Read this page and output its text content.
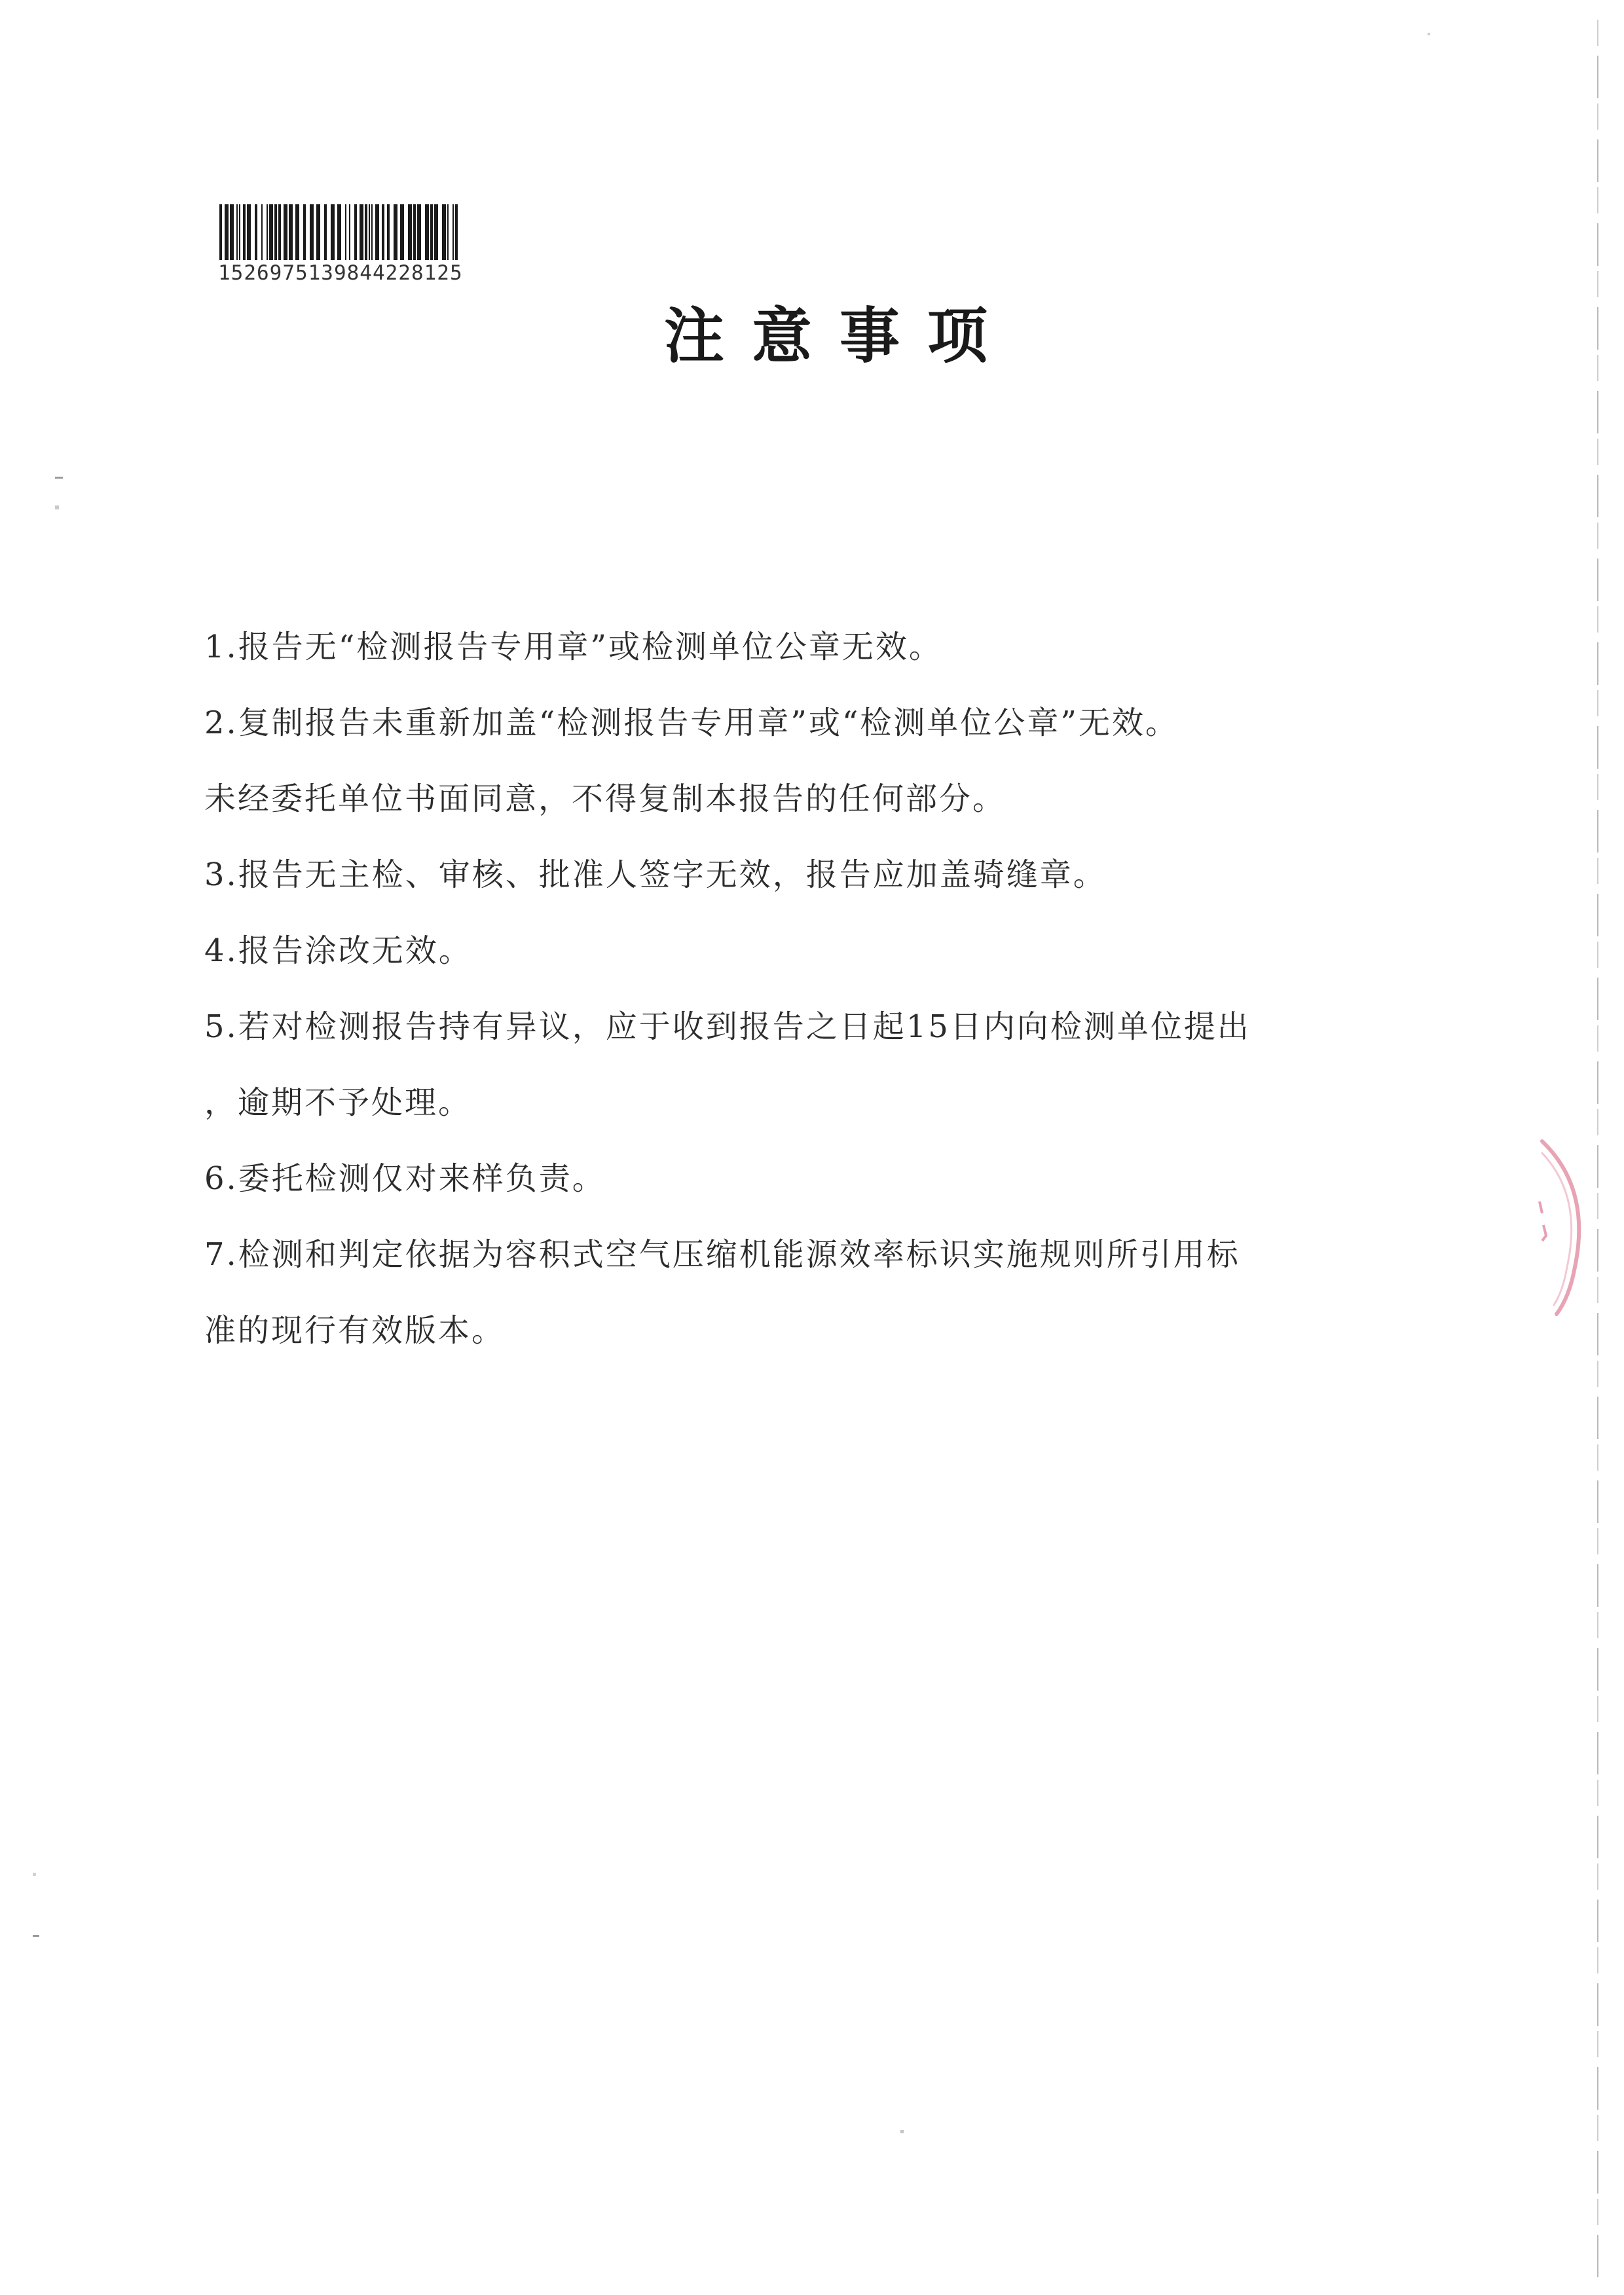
1526975139844228125
注意事项
1.报告无“检测报告专用章”或检测单位公章无效。
2.复制报告未重新加盖“检测报告专用章”或“检测单位公章”无效。
未经委托单位书面同意，不得复制本报告的任何部分。
3.报告无主检、审核、批准人签字无效，报告应加盖骑缝章。
4.报告涂改无效。
5.若对检测报告持有异议，应于收到报告之日起15日内向检测单位提出
，逾期不予处理。
6.委托检测仅对来样负责。
7.检测和判定依据为容积式空气压缩机能源效率标识实施规则所引用标
准的现行有效版本。
